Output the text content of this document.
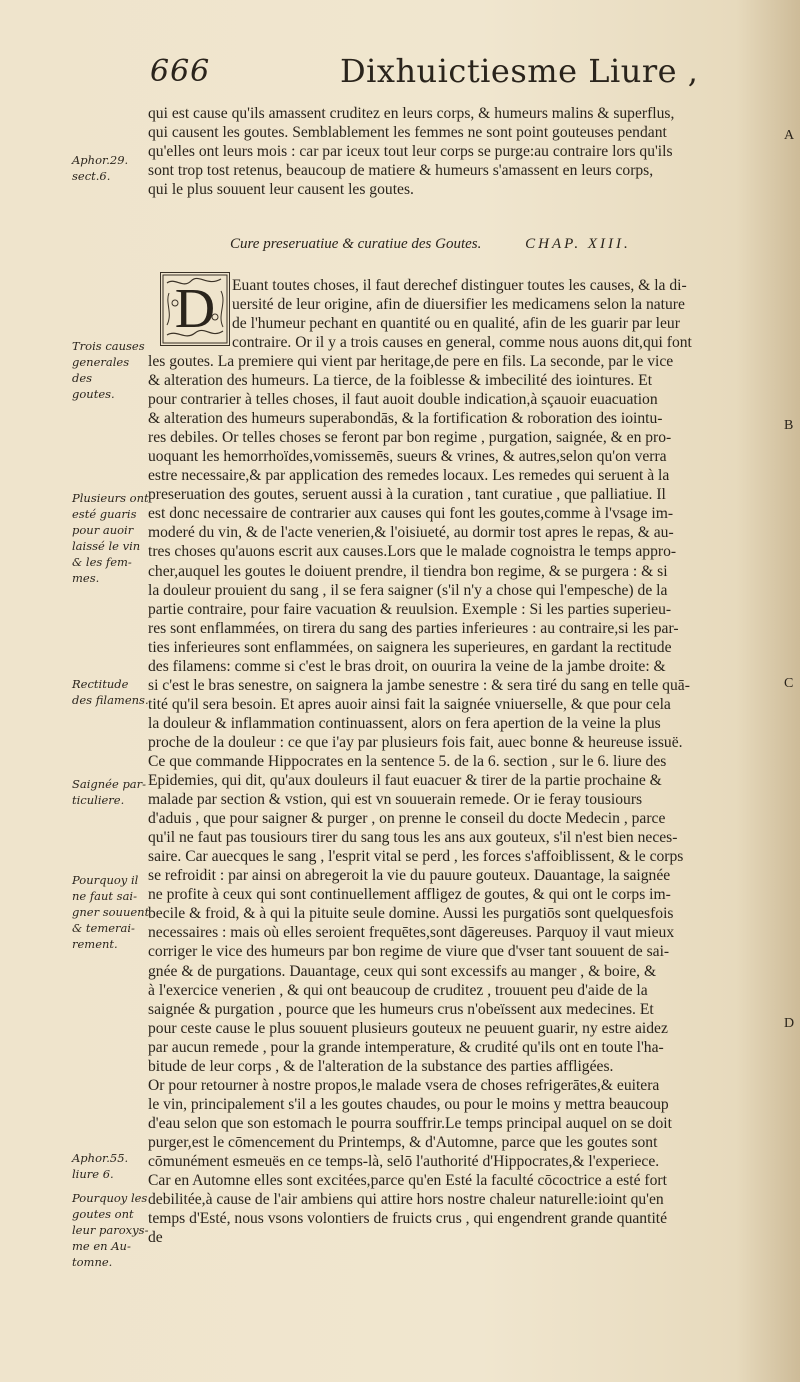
666	Dixhuictiesme Liure ,
Aphor.29.
sect.6.
Trois causes
generales des
goutes.
Plusieurs ont
esté guaris
pour auoir
laissé le vin
& les fem-
mes.
Rectitude
des filamens.
Saignée par-
ticuliere.
Pourquoy il
ne faut sai-
gner souuent
& temerai-
rement.
Aphor.55.
liure 6.
Pourquoy les
goutes ont
leur paroxys-
me en Au-
tomne.
A
B
C
D
qui est cause qu'ils amassent cruditez en leurs corps, & humeurs malins & superflus,
qui causent les goutes. Semblablement les femmes ne sont point gouteuses pendant
qu'elles ont leurs mois : car par iceux tout leur corps se purge:au contraire lors qu'ils
sont trop tost retenus, beaucoup de matiere & humeurs s'amassent en leurs corps,
qui le plus souuent leur causent les goutes.
Cure preseruatiue & curatiue des Goutes.	CHAP. XIII.
D	Euant toutes choses, il faut derechef distinguer toutes les causes, & la di-
uersité de leur origine, afin de diuersifier les medicamens selon la nature
de l'humeur pechant en quantité ou en qualité, afin de les guarir par leur
contraire. Or il y a trois causes en general, comme nous auons dit,qui font
les goutes. La premiere qui vient par heritage,de pere en fils. La seconde, par le vice
& alteration des humeurs. La tierce, de la foiblesse & imbecilité des iointures. Et
pour contrarier à telles choses, il faut auoit double indication,à sçauoir euacuation
& alteration des humeurs superabondās, & la fortification & roboration des iointu-
res debiles. Or telles choses se feront par bon regime , purgation, saignée, & en pro-
uoquant les hemorrhoïdes,vomissemēs, sueurs & vrines, & autres,selon qu'on verra
estre necessaire,& par application des remedes locaux. Les remedes qui seruent à la
preseruation des goutes, seruent aussi à la curation , tant curatiue , que palliatiue. Il
est donc necessaire de contrarier aux causes qui font les goutes,comme à l'vsage im-
moderé du vin, & de l'acte venerien,& l'oisiueté, au dormir tost apres le repas, & au-
tres choses qu'auons escrit aux causes.Lors que le malade cognoistra le temps appro-
cher,auquel les goutes le doiuent prendre, il tiendra bon regime, & se purgera : & si
la douleur prouient du sang , il se fera saigner (s'il n'y a chose qui l'empesche) de la
partie contraire, pour faire vacuation & reuulsion. Exemple : Si les parties superieu-
res sont enflammées, on tirera du sang des parties inferieures : au contraire,si les par-
ties inferieures sont enflammées, on saignera les superieures, en gardant la rectitude
des filamens: comme si c'est le bras droit, on ouurira la veine de la jambe droite: &
si c'est le bras senestre, on saignera la jambe senestre : & sera tiré du sang en telle quā-
tité qu'il sera besoin. Et apres auoir ainsi fait la saignée vniuerselle, & que pour cela
la douleur & inflammation continuassent, alors on fera apertion de la veine la plus
proche de la douleur : ce que i'ay par plusieurs fois fait, auec bonne & heureuse issuë.
Ce que commande Hippocrates en la sentence 5. de la 6. section , sur le 6. liure des
Epidemies, qui dit, qu'aux douleurs il faut euacuer & tirer de la partie prochaine &
malade par section & vstion, qui est vn souuerain remede. Or ie feray tousiours
d'aduis , que pour saigner & purger , on prenne le conseil du docte Medecin , parce
qu'il ne faut pas tousiours tirer du sang tous les ans aux gouteux, s'il n'est bien neces-
saire. Car auecques le sang , l'esprit vital se perd , les forces s'affoiblissent, & le corps
se refroidit : par ainsi on abregeroit la vie du pauure gouteux. Dauantage, la saignée
ne profite à ceux qui sont continuellement affligez de goutes, & qui ont le corps im-
becile & froid, & à qui la pituite seule domine. Aussi les purgatiōs sont quelquesfois
necessaires : mais où elles seroient frequētes,sont dāgereuses. Parquoy il vaut mieux
corriger le vice des humeurs par bon regime de viure que d'vser tant souuent de sai-
gnée & de purgations. Dauantage, ceux qui sont excessifs au manger , & boire, &
à l'exercice venerien , & qui ont beaucoup de cruditez , trouuent peu d'aide de la
saignée & purgation , pource que les humeurs crus n'obeïssent aux medecines. Et
pour ceste cause le plus souuent plusieurs gouteux ne peuuent guarir, ny estre aidez
par aucun remede , pour la grande intemperature, & crudité qu'ils ont en toute l'ha-
bitude de leur corps , & de l'alteration de la substance des parties affligées.
Or pour retourner à nostre propos,le malade vsera de choses refrigerātes,& euitera
le vin, principalement s'il a les goutes chaudes, ou pour le moins y mettra beaucoup
d'eau selon que son estomach le pourra souffrir.Le temps principal auquel on se doit
purger,est le cōmencement du Printemps, & d'Automne, parce que les goutes sont
cōmunément esmeuës en ce temps-là, selō l'authorité d'Hippocrates,& l'experiece.
Car en Automne elles sont excitées,parce qu'en Esté la faculté cōcoctrice a esté fort
debilitée,à cause de l'air ambiens qui attire hors nostre chaleur naturelle:ioint qu'en
temps d'Esté, nous vsons volontiers de fruicts crus , qui engendrent grande quantité
de
